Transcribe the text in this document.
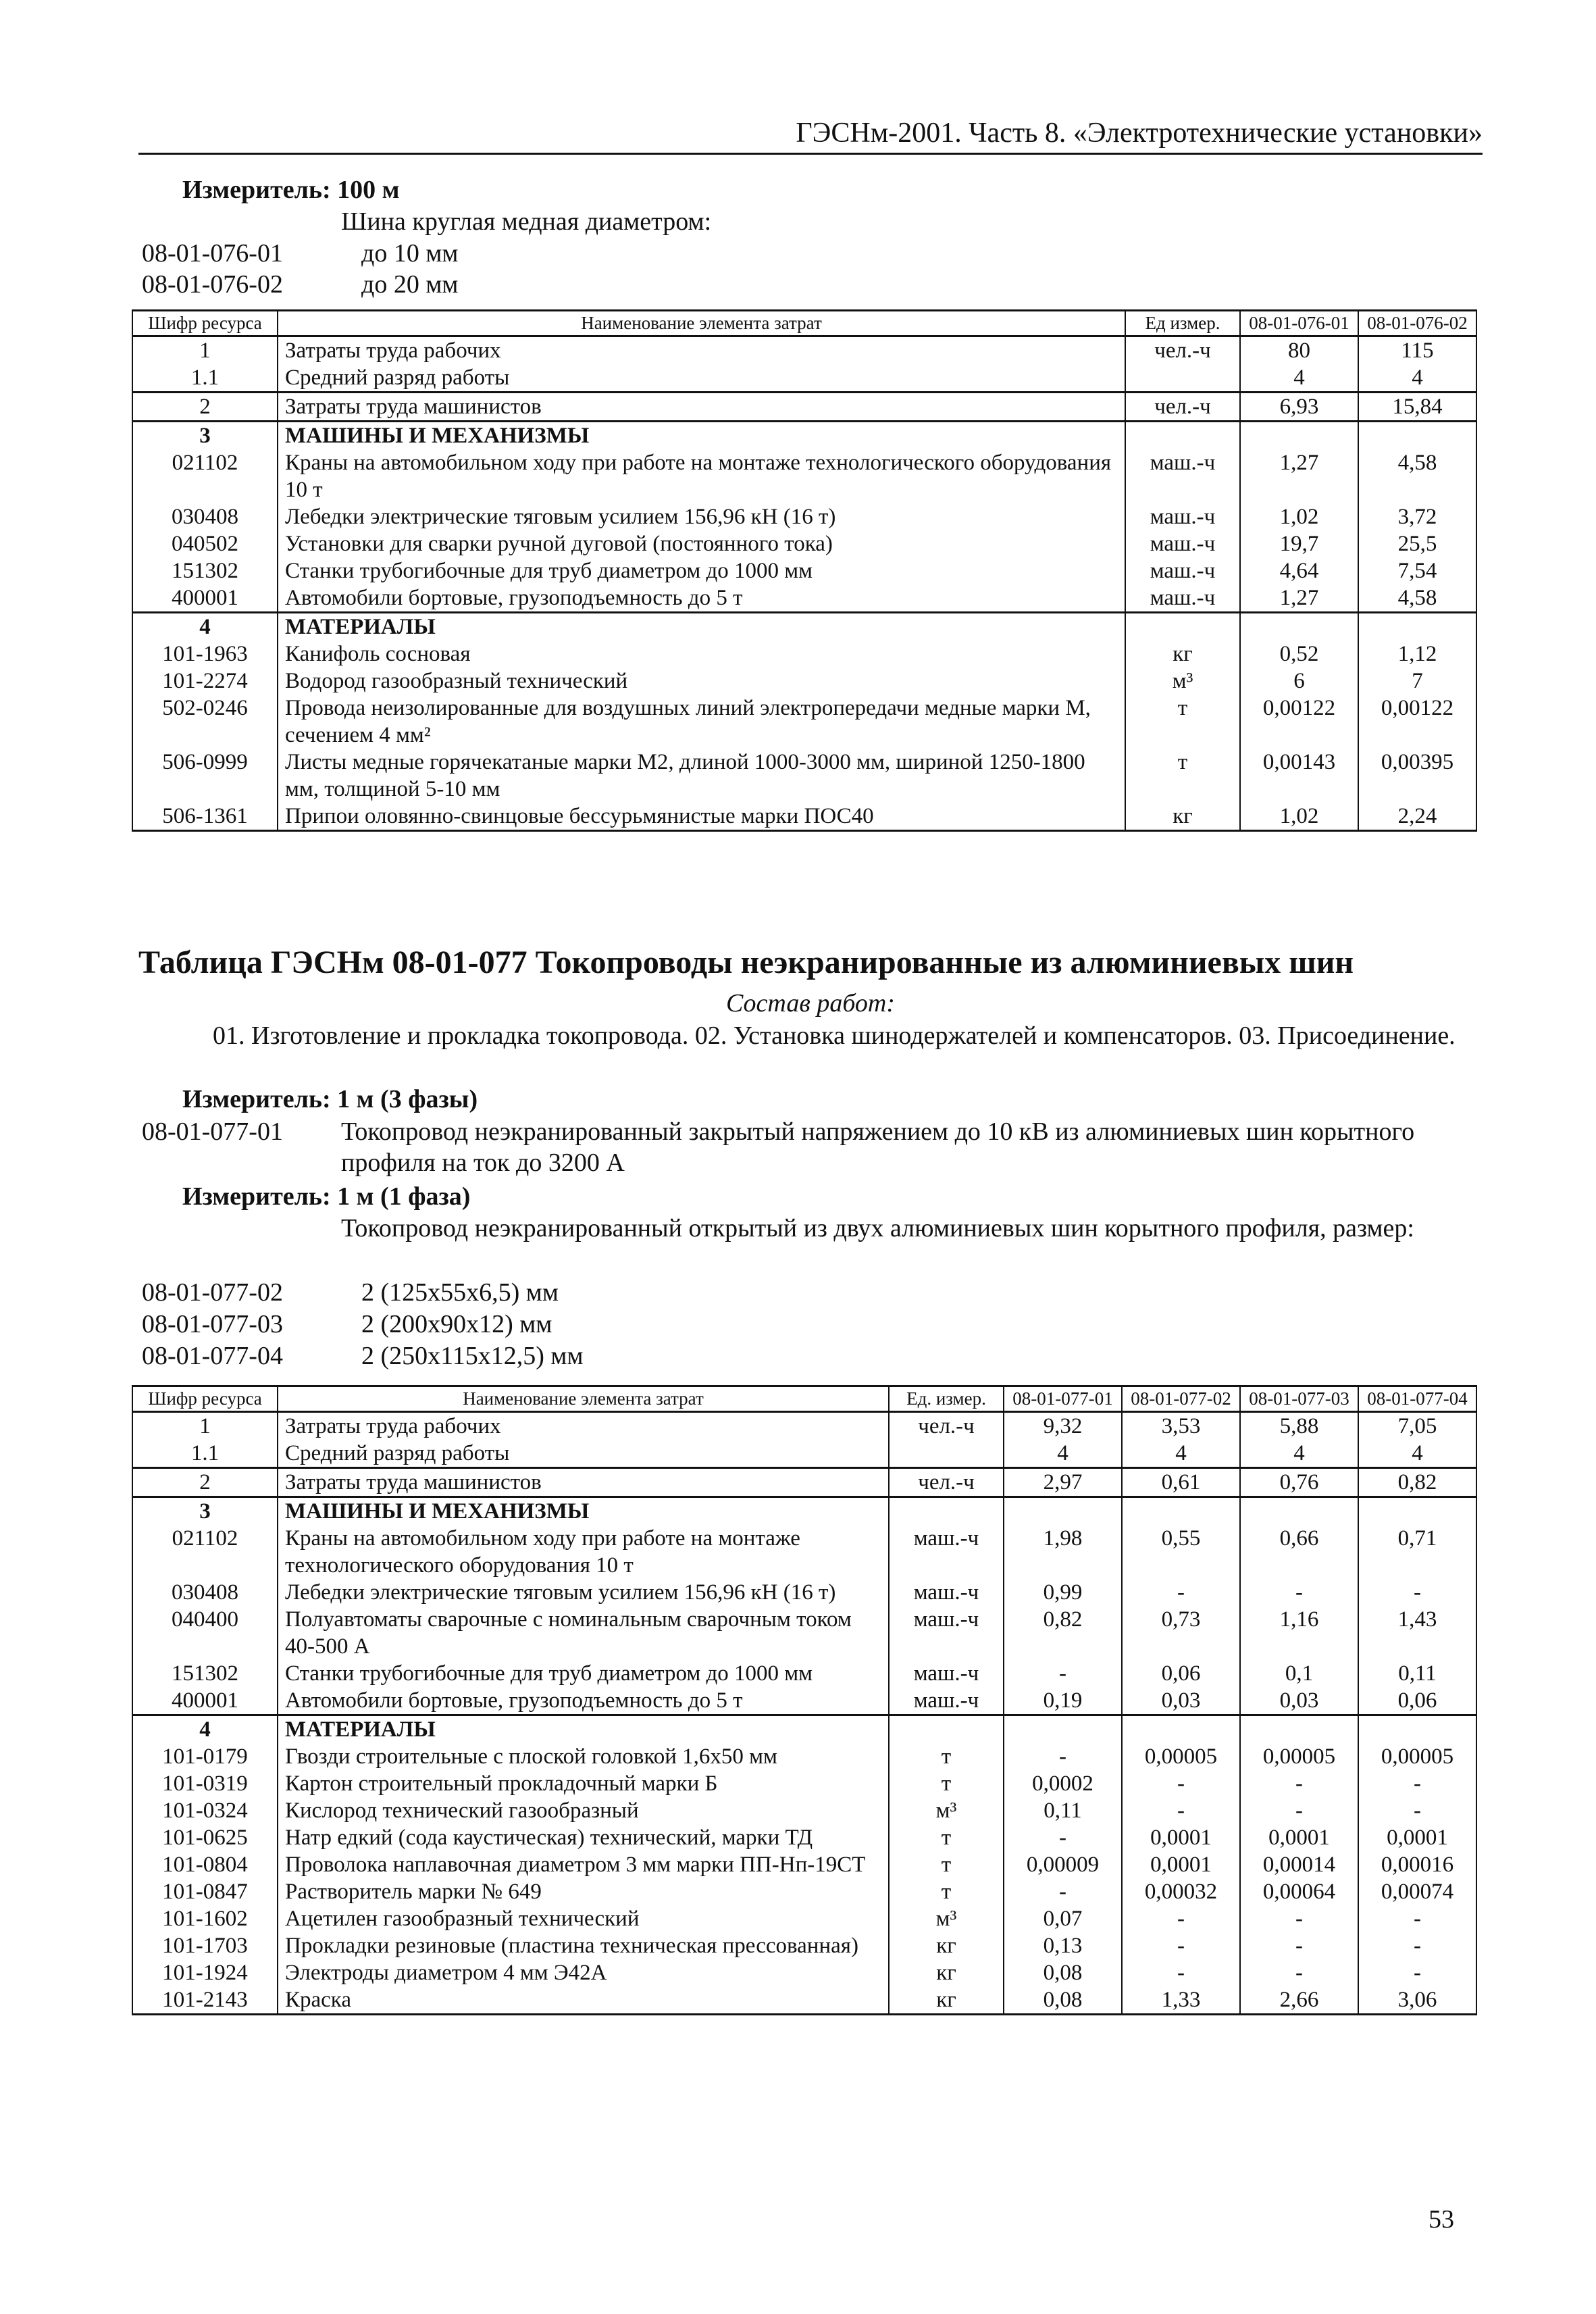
ГЭСНм-2001. Часть 8. «Электротехнические установки»
Измеритель: 100 м
Шина круглая медная диаметром:
08-01-076-01	до 10 мм
08-01-076-02	до 20 мм
Шифр ресурса	Наименование элемента затрат	Ед измер.	08-01-076-01	08-01-076-02
1	Затраты труда рабочих	чел.-ч	80	115
1.1	Средний разряд работы		4	4
2	Затраты труда машинистов	чел.-ч	6,93	15,84
3	МАШИНЫ И МЕХАНИЗМЫ			
021102	Краны на автомобильном ходу при работе на монтаже технологического оборудования 10 т	маш.-ч	1,27	4,58
030408	Лебедки электрические тяговым усилием 156,96 кН (16 т)	маш.-ч	1,02	3,72
040502	Установки для сварки ручной дуговой (постоянного тока)	маш.-ч	19,7	25,5
151302	Станки трубогибочные для труб диаметром до 1000 мм	маш.-ч	4,64	7,54
400001	Автомобили бортовые, грузоподъемность до 5 т	маш.-ч	1,27	4,58
4	МАТЕРИАЛЫ			
101-1963	Канифоль сосновая	кг	0,52	1,12
101-2274	Водород газообразный технический	м³	6	7
502-0246	Провода неизолированные для воздушных линий электропередачи медные марки М, сечением 4 мм²	т	0,00122	0,00122
506-0999	Листы медные горячекатаные марки М2, длиной 1000-3000 мм, шириной 1250-1800 мм, толщиной 5-10 мм	т	0,00143	0,00395
506-1361	Припои оловянно-свинцовые бессурьмянистые марки ПОС40	кг	1,02	2,24
Таблица ГЭСНм 08-01-077 Токопроводы неэкранированные из алюминиевых шин
Состав работ:
01. Изготовление и прокладка токопровода. 02. Установка шинодержателей и компенсаторов. 03. Присоединение.
Измеритель: 1 м (3 фазы)
08-01-077-01 Токопровод неэкранированный закрытый напряжением до 10 кВ из алюминиевых шин корытного профиля на ток до 3200 А
Измеритель: 1 м (1 фаза)
Токопровод неэкранированный открытый из двух алюминиевых шин корытного профиля, размер:
08-01-077-02	2 (125х55х6,5) мм
08-01-077-03	2 (200х90х12) мм
08-01-077-04	2 (250х115х12,5) мм
Шифр ресурса	Наименование элемента затрат	Ед. измер.	08-01-077-01	08-01-077-02	08-01-077-03	08-01-077-04
1	Затраты труда рабочих	чел.-ч	9,32	3,53	5,88	7,05
1.1	Средний разряд работы		4	4	4	4
2	Затраты труда машинистов	чел.-ч	2,97	0,61	0,76	0,82
3	МАШИНЫ И МЕХАНИЗМЫ					
021102	Краны на автомобильном ходу при работе на монтаже технологического оборудования 10 т	маш.-ч	1,98	0,55	0,66	0,71
030408	Лебедки электрические тяговым усилием 156,96 кН (16 т)	маш.-ч	0,99	-	-	-
040400	Полуавтоматы сварочные с номинальным сварочным током 40-500 А	маш.-ч	0,82	0,73	1,16	1,43
151302	Станки трубогибочные для труб диаметром до 1000 мм	маш.-ч	-	0,06	0,1	0,11
400001	Автомобили бортовые, грузоподъемность до 5 т	маш.-ч	0,19	0,03	0,03	0,06
4	МАТЕРИАЛЫ					
101-0179	Гвозди строительные с плоской головкой 1,6х50 мм	т	-	0,00005	0,00005	0,00005
101-0319	Картон строительный прокладочный марки Б	т	0,0002	-	-	-
101-0324	Кислород технический газообразный	м³	0,11	-	-	-
101-0625	Натр едкий (сода каустическая) технический, марки ТД	т	-	0,0001	0,0001	0,0001
101-0804	Проволока наплавочная диаметром 3 мм марки ПП-Нп-19СТ	т	0,00009	0,0001	0,00014	0,00016
101-0847	Растворитель марки № 649	т	-	0,00032	0,00064	0,00074
101-1602	Ацетилен газообразный технический	м³	0,07	-	-	-
101-1703	Прокладки резиновые (пластина техническая прессованная)	кг	0,13	-	-	-
101-1924	Электроды диаметром 4 мм Э42А	кг	0,08	-	-	-
101-2143	Краска	кг	0,08	1,33	2,66	3,06
53
